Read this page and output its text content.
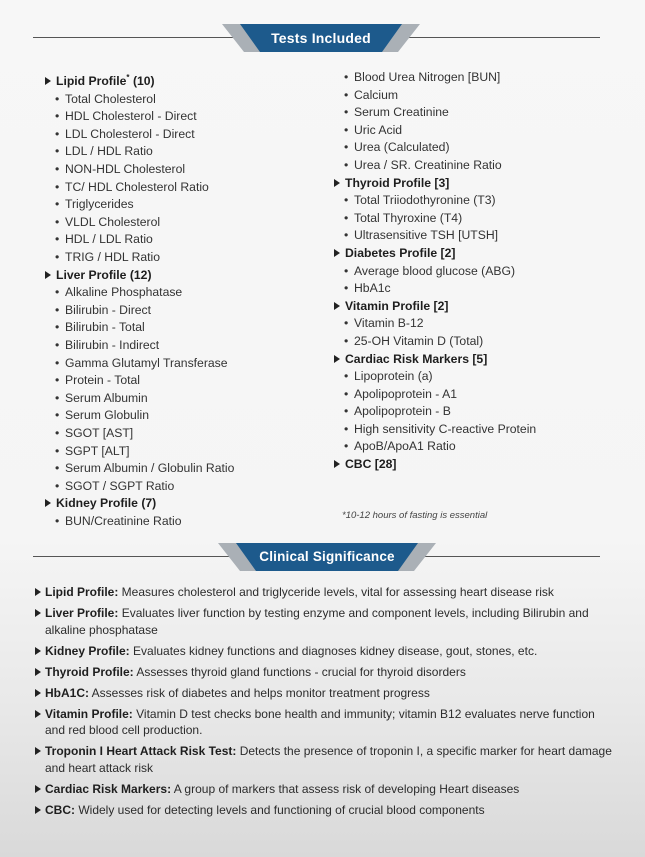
Tests Included
Lipid Profile* (10)
• Total Cholesterol
• HDL Cholesterol - Direct
• LDL Cholesterol - Direct
• LDL / HDL Ratio
• NON-HDL Cholesterol
• TC/ HDL Cholesterol Ratio
• Triglycerides
• VLDL Cholesterol
• HDL / LDL Ratio
• TRIG / HDL Ratio
Liver Profile (12)
• Alkaline Phosphatase
• Bilirubin - Direct
• Bilirubin - Total
• Bilirubin - Indirect
• Gamma Glutamyl Transferase
• Protein - Total
• Serum Albumin
• Serum Globulin
• SGOT [AST]
• SGPT [ALT]
• Serum Albumin / Globulin Ratio
• SGOT / SGPT Ratio
Kidney Profile (7)
• BUN/Creatinine Ratio
• Blood Urea Nitrogen [BUN]
• Calcium
• Serum Creatinine
• Uric Acid
• Urea (Calculated)
• Urea / SR. Creatinine Ratio
Thyroid Profile [3]
• Total Triiodothyronine (T3)
• Total Thyroxine (T4)
• Ultrasensitive TSH [UTSH]
Diabetes Profile [2]
• Average blood glucose (ABG)
• HbA1c
Vitamin Profile [2]
• Vitamin B-12
• 25-OH Vitamin D (Total)
Cardiac Risk Markers [5]
• Lipoprotein (a)
• Apolipoprotein - A1
• Apolipoprotein - B
• High sensitivity C-reactive Protein
• ApoB/ApoA1 Ratio
CBC [28]
*10-12 hours of fasting is essential
Clinical Significance
Lipid Profile: Measures cholesterol and triglyceride levels, vital for assessing heart disease risk
Liver Profile: Evaluates liver function by testing enzyme and component levels, including Bilirubin and alkaline phosphatase
Kidney Profile: Evaluates kidney functions and diagnoses kidney disease, gout, stones, etc.
Thyroid Profile: Assesses thyroid gland functions - crucial for thyroid disorders
HbA1C: Assesses risk of diabetes and helps monitor treatment progress
Vitamin Profile: Vitamin D test checks bone health and immunity; vitamin B12 evaluates nerve function and red blood cell production.
Troponin I Heart Attack Risk Test: Detects the presence of troponin I, a specific marker for heart damage and heart attack risk
Cardiac Risk Markers: A group of markers that assess risk of developing Heart diseases
CBC: Widely used for detecting levels and functioning of crucial blood components
